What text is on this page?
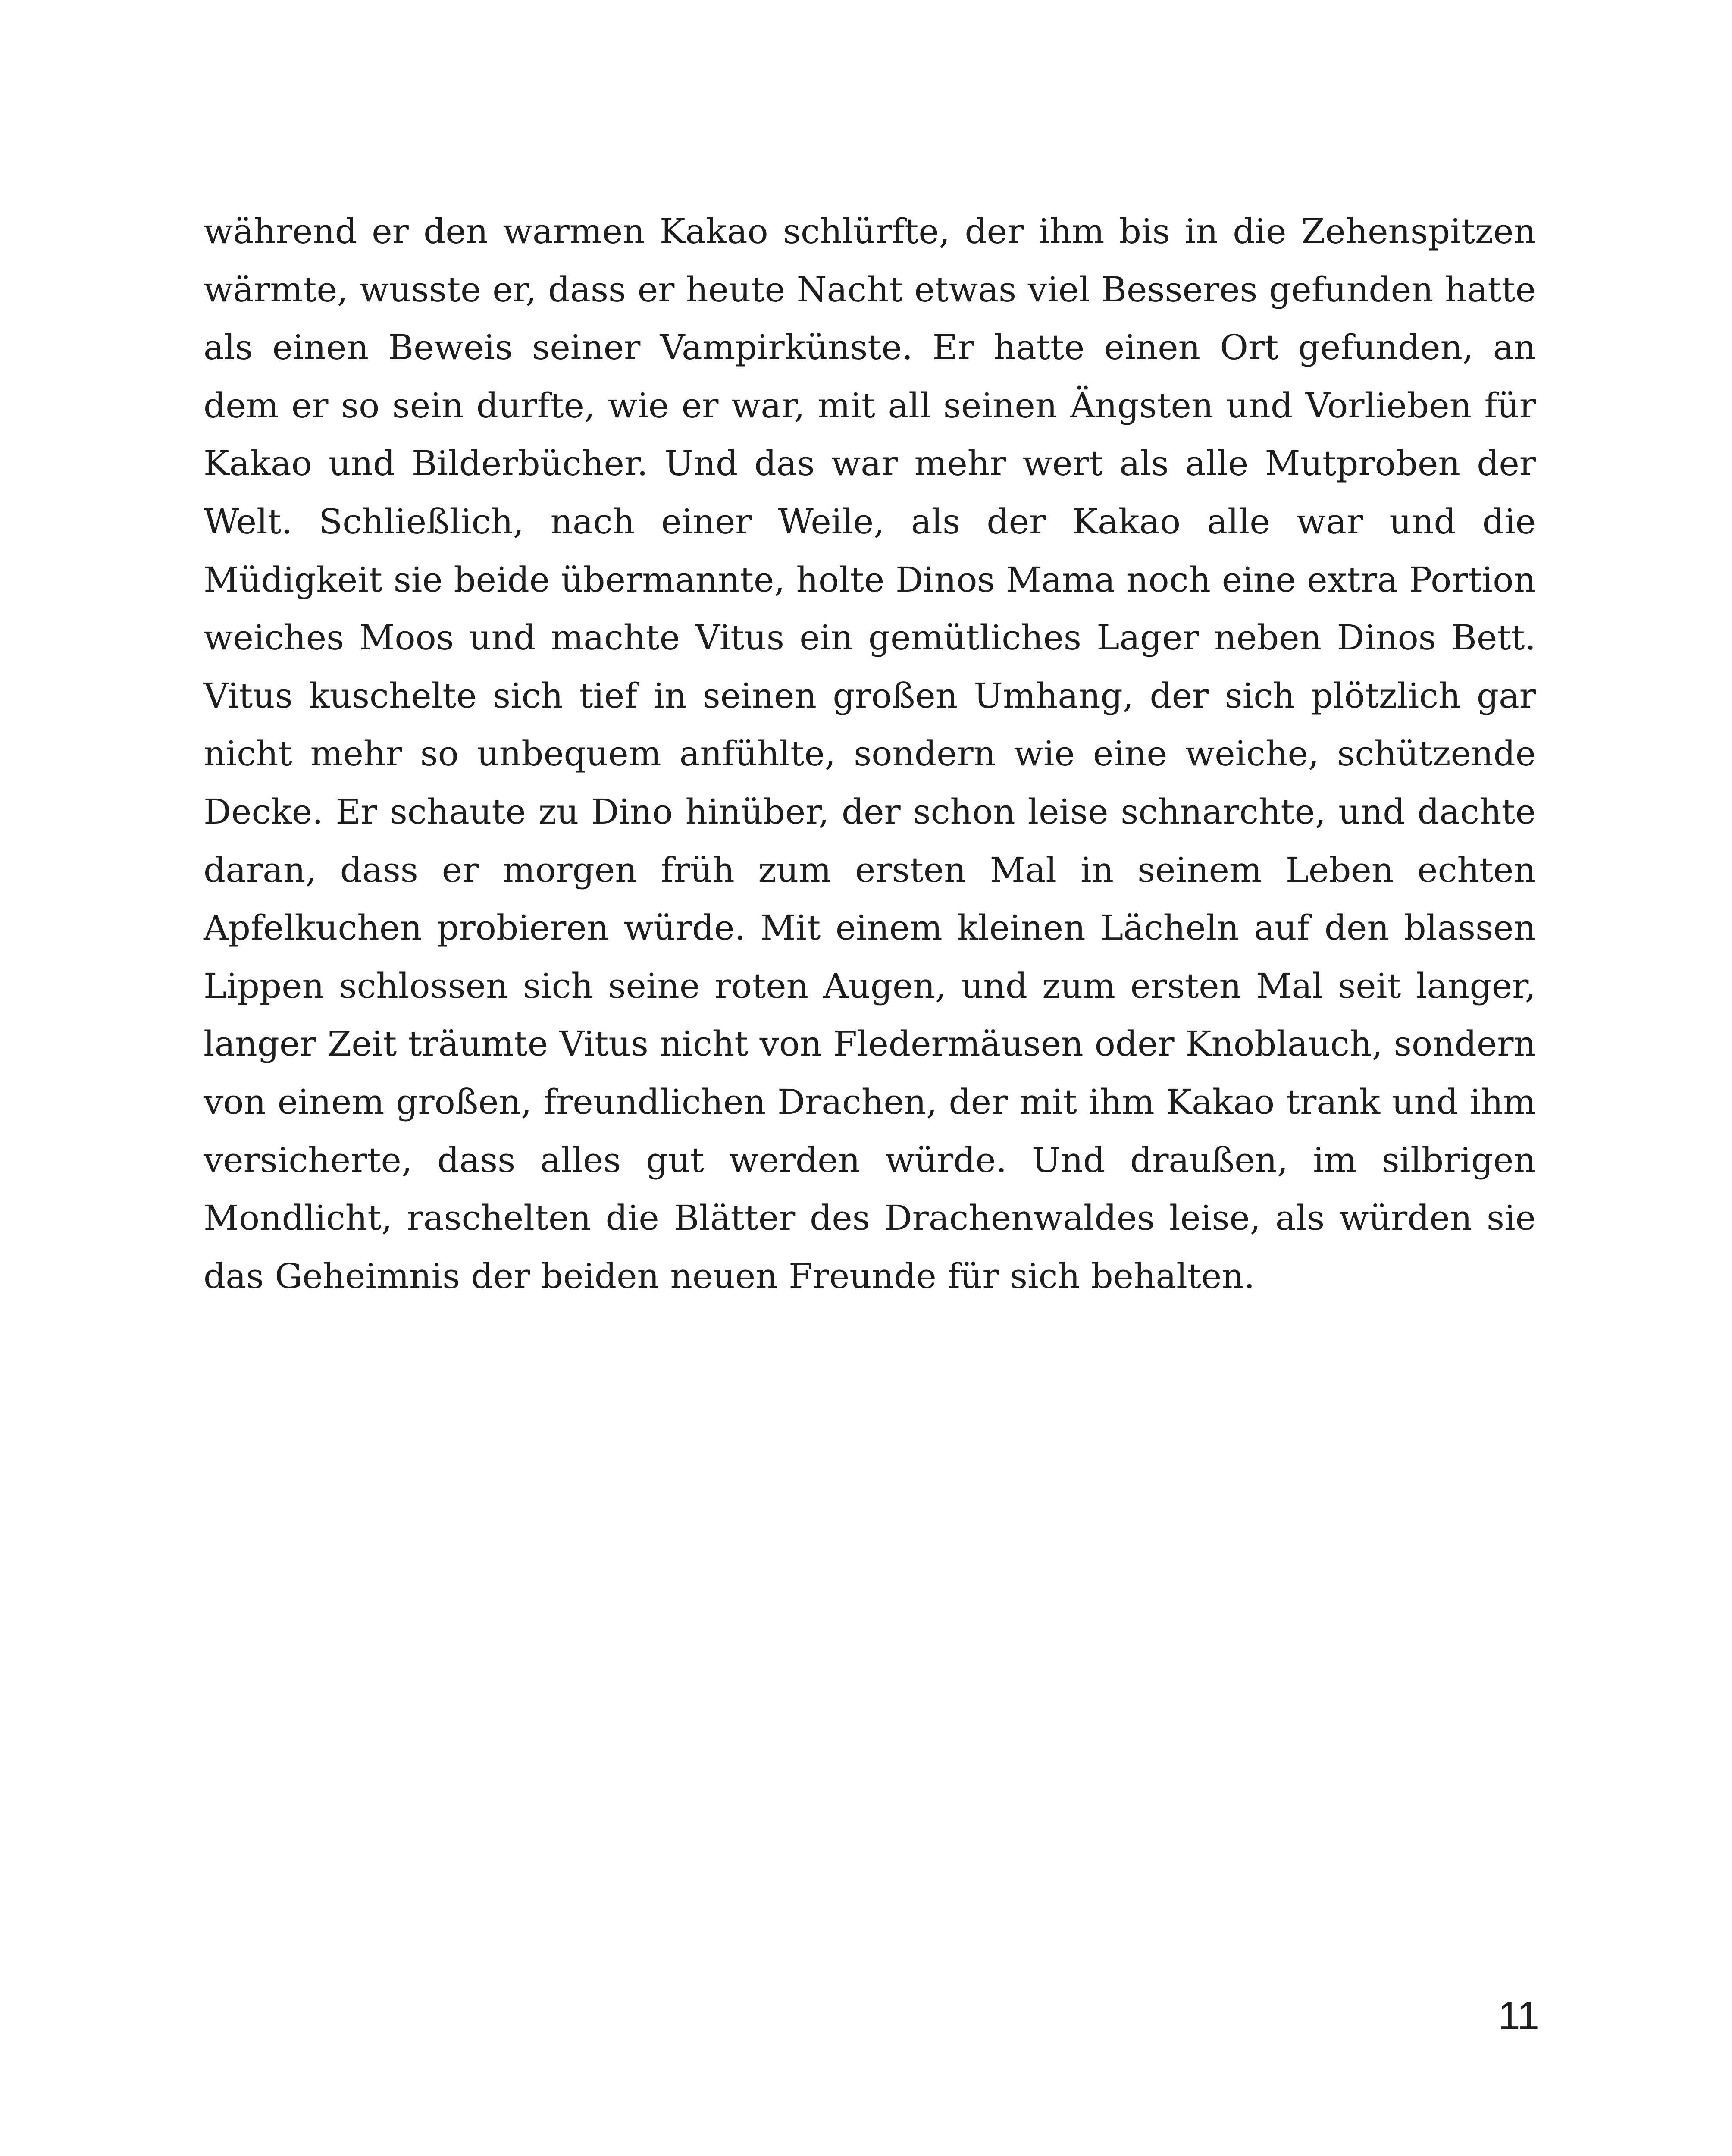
während er den warmen Kakao schlürfte, der ihm bis in die Zehenspitzen wärmte, wusste er, dass er heute Nacht etwas viel Besseres gefunden hatte als einen Beweis seiner Vampirkünste. Er hatte einen Ort gefunden, an dem er so sein durfte, wie er war, mit all seinen Ängsten und Vorlieben für Kakao und Bilderbücher. Und das war mehr wert als alle Mutproben der Welt. Schließlich, nach einer Weile, als der Kakao alle war und die Müdigkeit sie beide übermannte, holte Dinos Mama noch eine extra Portion weiches Moos und machte Vitus ein gemütliches Lager neben Dinos Bett. Vitus kuschelte sich tief in seinen großen Umhang, der sich plötzlich gar nicht mehr so unbequem anfühlte, sondern wie eine weiche, schützende Decke. Er schaute zu Dino hinüber, der schon leise schnarchte, und dachte daran, dass er morgen früh zum ersten Mal in seinem Leben echten Apfelkuchen probieren würde. Mit einem kleinen Lächeln auf den blassen Lippen schlossen sich seine roten Augen, und zum ersten Mal seit langer, langer Zeit träumte Vitus nicht von Fledermäusen oder Knoblauch, sondern von einem großen, freundlichen Drachen, der mit ihm Kakao trank und ihm versicherte, dass alles gut werden würde. Und draußen, im silbrigen Mondlicht, raschelten die Blätter des Drachenwaldes leise, als würden sie das Geheimnis der beiden neuen Freunde für sich behalten.

11
